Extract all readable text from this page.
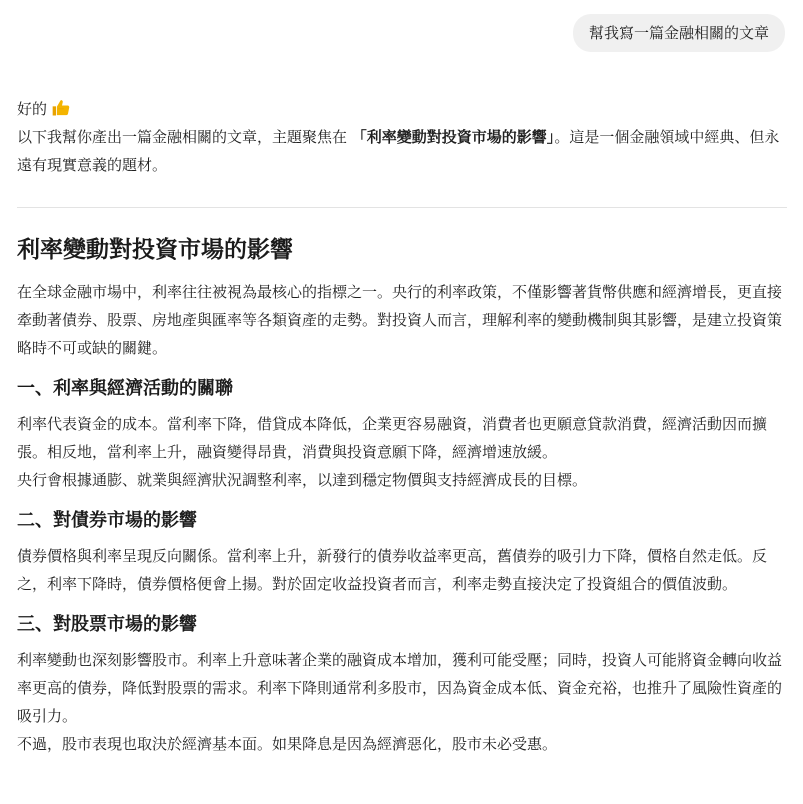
幫我寫一篇金融相關的文章

好的

以下我幫你產出一篇金融相關的文章，主題聚焦在 「利率變動對投資市場的影響」。這是一個金融領域中經典、但永遠有現實意義的題材。

利率變動對投資市場的影響

在全球金融市場中，利率往往被視為最核心的指標之一。央行的利率政策，不僅影響著貨幣供應和經濟增長，更直接牽動著債券、股票、房地產與匯率等各類資產的走勢。對投資人而言，理解利率的變動機制與其影響，是建立投資策略時不可或缺的關鍵。

一、利率與經濟活動的關聯

利率代表資金的成本。當利率下降，借貸成本降低，企業更容易融資，消費者也更願意貸款消費，經濟活動因而擴張。相反地，當利率上升，融資變得昂貴，消費與投資意願下降，經濟增速放緩。

央行會根據通膨、就業與經濟狀況調整利率，以達到穩定物價與支持經濟成長的目標。

二、對債券市場的影響

債券價格與利率呈現反向關係。當利率上升，新發行的債券收益率更高，舊債券的吸引力下降，價格自然走低。反之，利率下降時，債券價格便會上揚。對於固定收益投資者而言，利率走勢直接決定了投資組合的價值波動。

三、對股票市場的影響

利率變動也深刻影響股市。利率上升意味著企業的融資成本增加，獲利可能受壓；同時，投資人可能將資金轉向收益率更高的債券，降低對股票的需求。利率下降則通常利多股市，因為資金成本低、資金充裕，也推升了風險性資產的吸引力。

不過，股市表現也取決於經濟基本面。如果降息是因為經濟惡化，股市未必受惠。
